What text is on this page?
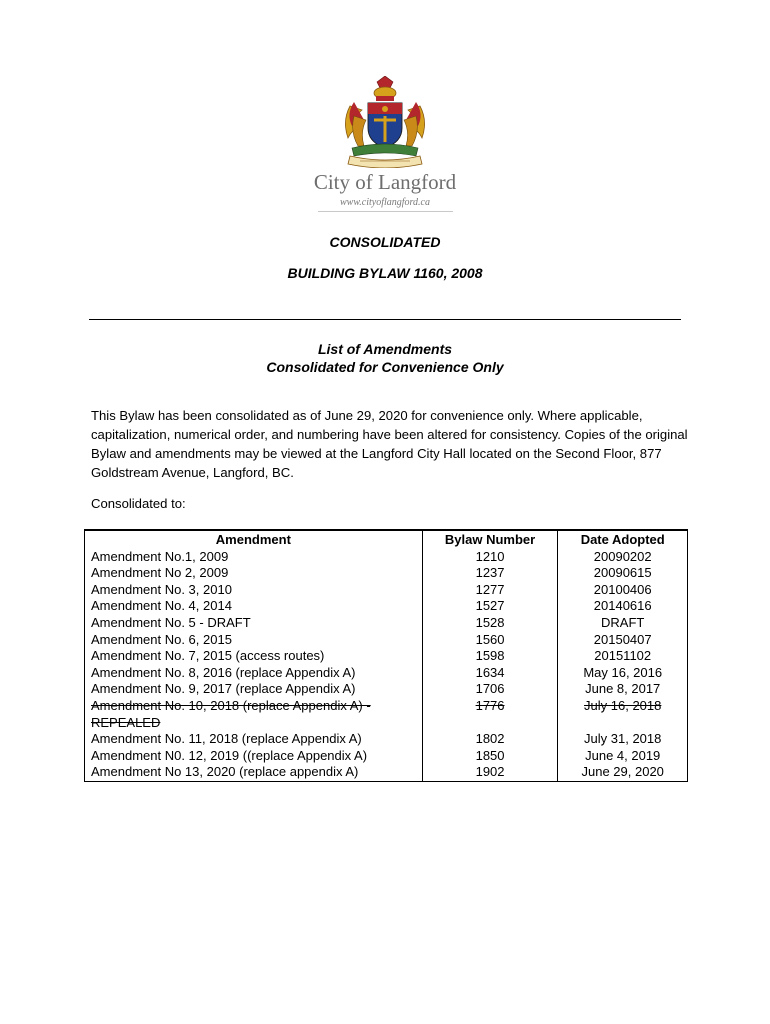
City of Langford
www.cityoflangford.ca
CONSOLIDATED
BUILDING BYLAW 1160, 2008
List of Amendments
Consolidated for Convenience Only
This Bylaw has been consolidated as of June 29, 2020 for convenience only. Where applicable, capitalization, numerical order, and numbering have been altered for consistency. Copies of the original Bylaw and amendments may be viewed at the Langford City Hall located on the Second Floor, 877 Goldstream Avenue, Langford, BC.
Consolidated to:
Amendment	Bylaw Number	Date Adopted
Amendment No.1, 2009	1210	20090202
Amendment No 2, 2009	1237	20090615
Amendment No. 3, 2010	1277	20100406
Amendment No. 4, 2014	1527	20140616
Amendment No. 5 - DRAFT	1528	DRAFT
Amendment No. 6, 2015	1560	20150407
Amendment No. 7, 2015 (access routes)	1598	20151102
Amendment No. 8, 2016 (replace Appendix A)	1634	May 16, 2016
Amendment No. 9, 2017 (replace Appendix A)	1706	June 8, 2017
Amendment No. 10, 2018 (replace Appendix A) - REPEALED	1776	July 16, 2018
Amendment No. 11, 2018 (replace Appendix A)	1802	July 31, 2018
Amendment N0. 12, 2019 ((replace Appendix A)	1850	June 4, 2019
Amendment No 13, 2020 (replace appendix A)	1902	June 29, 2020
